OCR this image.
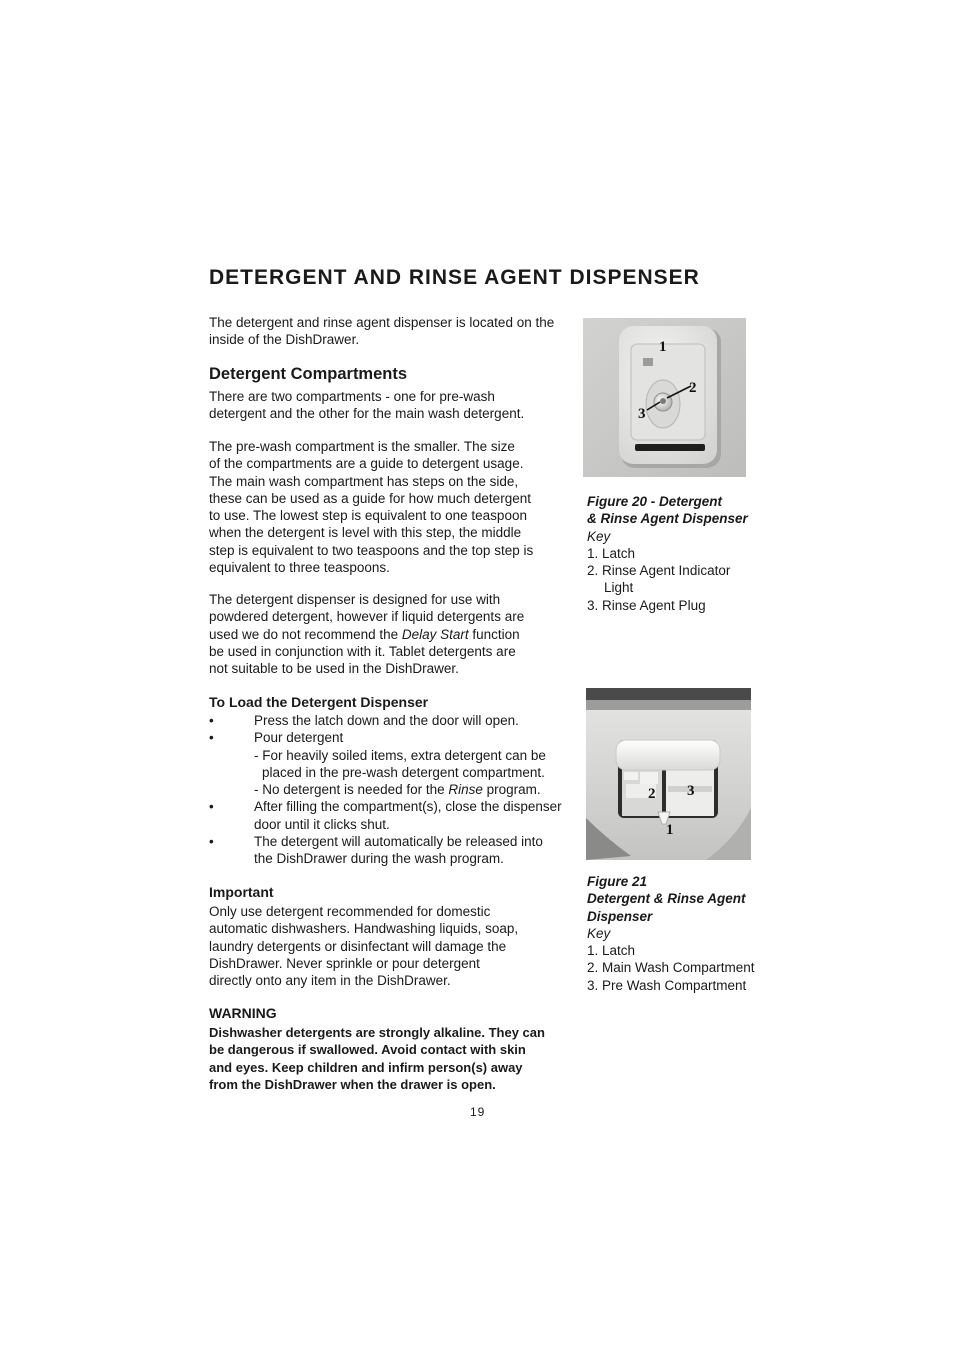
DETERGENT AND RINSE AGENT DISPENSER
The detergent and rinse agent dispenser is located on the
inside of the DishDrawer.
Detergent Compartments
There are two compartments - one for pre-wash
detergent and the other for the main wash detergent.
The pre-wash compartment is the smaller. The size
of the compartments are a guide to detergent usage.
The main wash compartment has steps on the side,
these can be used as a guide for how much detergent
to use. The lowest step is equivalent to one teaspoon
when the detergent is level with this step, the middle
step is equivalent to two teaspoons and the top step is
equivalent to three teaspoons.
The detergent dispenser is designed for use with
powdered detergent, however if liquid detergents are
used we do not recommend the Delay Start function
be used in conjunction with it. Tablet detergents are
not suitable to be used in the DishDrawer.
To Load the Detergent Dispenser
•	Press the latch down and the door will open.
•	Pour detergent
- For heavily soiled items, extra detergent can be
placed in the pre-wash detergent compartment.
- No detergent is needed for the Rinse program.
•	After filling the compartment(s), close the dispenser
door until it clicks shut.
•	The detergent will automatically be released into
the DishDrawer during the wash program.
Important
Only use detergent recommended for domestic
automatic dishwashers. Handwashing liquids, soap,
laundry detergents or disinfectant will damage the
DishDrawer. Never sprinkle or pour detergent
directly onto any item in the DishDrawer.
WARNING
Dishwasher detergents are strongly alkaline. They can
be dangerous if swallowed. Avoid contact with skin
and eyes. Keep children and infirm person(s) away
from the DishDrawer when the drawer is open.
1
2
3
Figure 20 - Detergent
& Rinse Agent Dispenser
Key
1. Latch
2. Rinse Agent Indicator
Light
3. Rinse Agent Plug
2 3
1
Figure 21
Detergent & Rinse Agent
Dispenser
Key
1. Latch
2. Main Wash Compartment
3. Pre Wash Compartment
19
